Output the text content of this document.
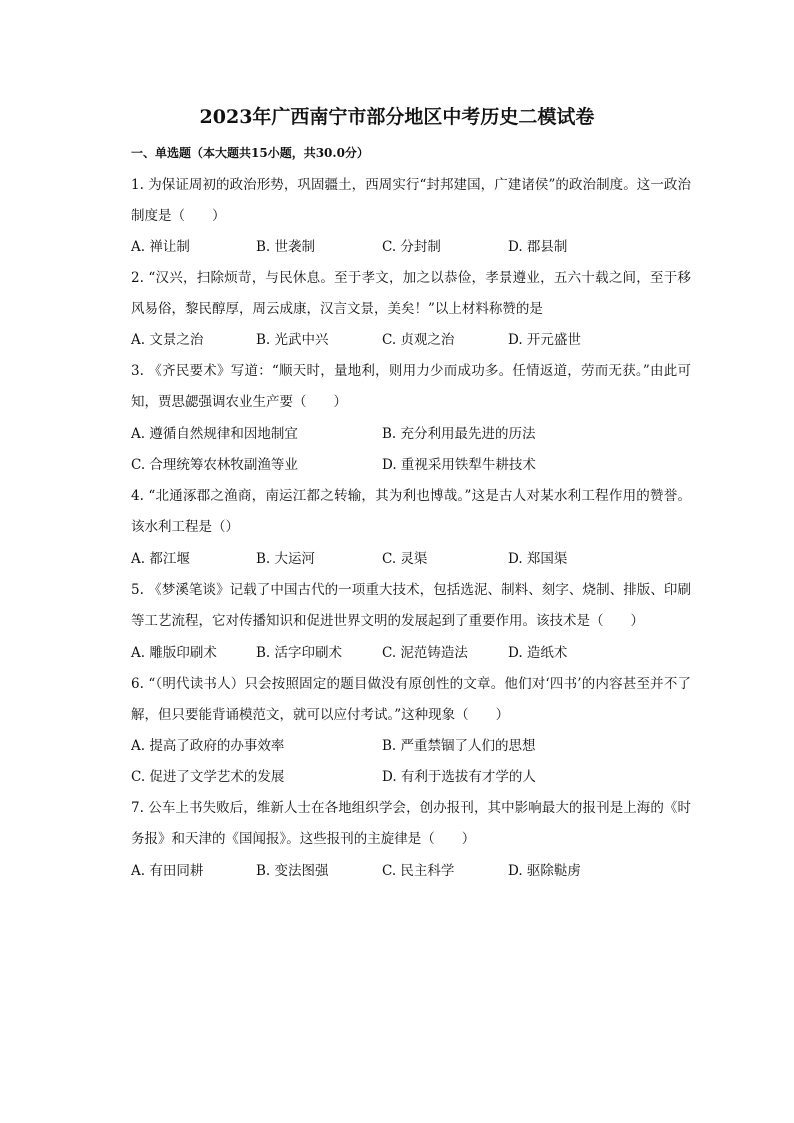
2023年广西南宁市部分地区中考历史二模试卷
一、单选题（本大题共15小题，共30.0分）
1. 为保证周初的政治形势，巩固疆土，西周实行“封邦建国，广建诸侯”的政治制度。这一政治制度是（　　）
A. 禅让制	B. 世袭制	C. 分封制	D. 郡县制
2. “汉兴，扫除烦苛，与民休息。至于孝文，加之以恭俭，孝景遵业，五六十载之间，至于移风易俗，黎民醇厚，周云成康，汉言文景，美矣！”以上材料称赞的是
A. 文景之治	B. 光武中兴	C. 贞观之治	D. 开元盛世
3. 《齐民要术》写道：“顺天时，量地利，则用力少而成功多。任情返道，劳而无获。”由此可知，贾思勰强调农业生产要（　　）
A. 遵循自然规律和因地制宜	B. 充分利用最先进的历法
C. 合理统筹农林牧副渔等业	D. 重视采用铁犁牛耕技术
4. “北通涿郡之渔商，南运江都之转输，其为利也博哉。”这是古人对某水利工程作用的赞誉。该水利工程是（）
A. 都江堰	B. 大运河	C. 灵渠	D. 郑国渠
5. 《梦溪笔谈》记载了中国古代的一项重大技术，包括选泥、制料、刻字、烧制、排版、印刷等工艺流程，它对传播知识和促进世界文明的发展起到了重要作用。该技术是（　　）
A. 雕版印刷术	B. 活字印刷术	C. 泥范铸造法	D. 造纸术
6. “（明代读书人）只会按照固定的题目做没有原创性的文章。他们对‘四书’的内容甚至并不了解，但只要能背诵模范文，就可以应付考试。”这种现象（　　）
A. 提高了政府的办事效率	B. 严重禁锢了人们的思想
C. 促进了文学艺术的发展	D. 有利于选拔有才学的人
7. 公车上书失败后，维新人士在各地组织学会，创办报刊，其中影响最大的报刊是上海的《时务报》和天津的《国闻报》。这些报刊的主旋律是（　　）
A. 有田同耕	B. 变法图强	C. 民主科学	D. 驱除鞑虏
